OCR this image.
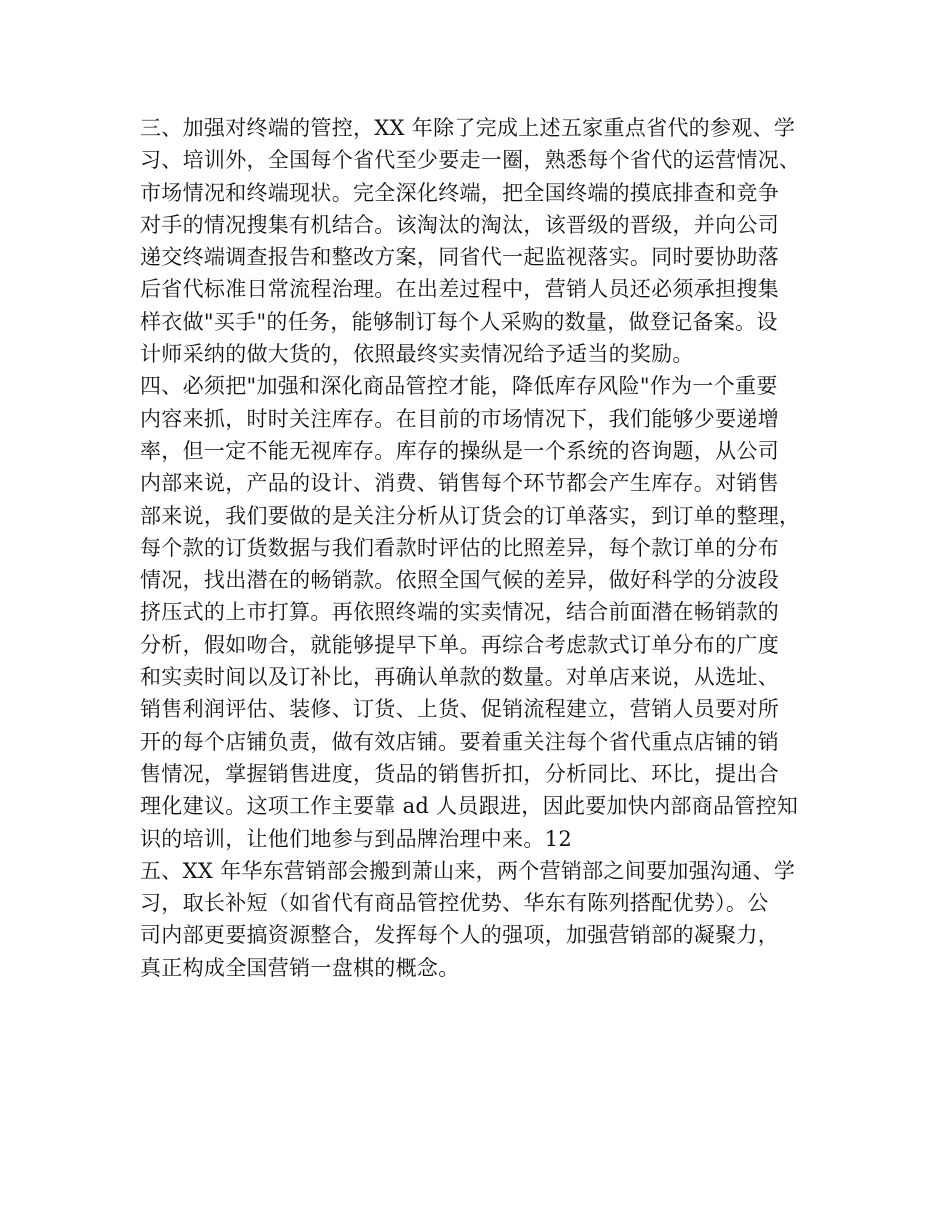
三、加强对终端的管控，XX 年除了完成上述五家重点省代的参观、学
习、培训外，全国每个省代至少要走一圈，熟悉每个省代的运营情况、
市场情况和终端现状。完全深化终端，把全国终端的摸底排查和竞争
对手的情况搜集有机结合。该淘汰的淘汰，该晋级的晋级，并向公司
递交终端调查报告和整改方案，同省代一起监视落实。同时要协助落
后省代标准日常流程治理。在出差过程中，营销人员还必须承担搜集
样衣做"买手"的任务，能够制订每个人采购的数量，做登记备案。设
计师采纳的做大货的，依照最终实卖情况给予适当的奖励。
四、必须把"加强和深化商品管控才能，降低库存风险"作为一个重要
内容来抓，时时关注库存。在目前的市场情况下，我们能够少要递增
率，但一定不能无视库存。库存的操纵是一个系统的咨询题，从公司
内部来说，产品的设计、消费、销售每个环节都会产生库存。对销售
部来说，我们要做的是关注分析从订货会的订单落实，到订单的整理，
每个款的订货数据与我们看款时评估的比照差异，每个款订单的分布
情况，找出潜在的畅销款。依照全国气候的差异，做好科学的分波段
挤压式的上市打算。再依照终端的实卖情况，结合前面潜在畅销款的
分析，假如吻合，就能够提早下单。再综合考虑款式订单分布的广度
和实卖时间以及订补比，再确认单款的数量。对单店来说，从选址、
销售利润评估、装修、订货、上货、促销流程建立，营销人员要对所
开的每个店铺负责，做有效店铺。要着重关注每个省代重点店铺的销
售情况，掌握销售进度，货品的销售折扣，分析同比、环比，提出合
理化建议。这项工作主要靠 ad 人员跟进，因此要加快内部商品管控知
识的培训，让他们地参与到品牌治理中来。12
五、XX 年华东营销部会搬到萧山来，两个营销部之间要加强沟通、学
习，取长补短（如省代有商品管控优势、华东有陈列搭配优势）。公
司内部更要搞资源整合，发挥每个人的强项，加强营销部的凝聚力，
真正构成全国营销一盘棋的概念。
